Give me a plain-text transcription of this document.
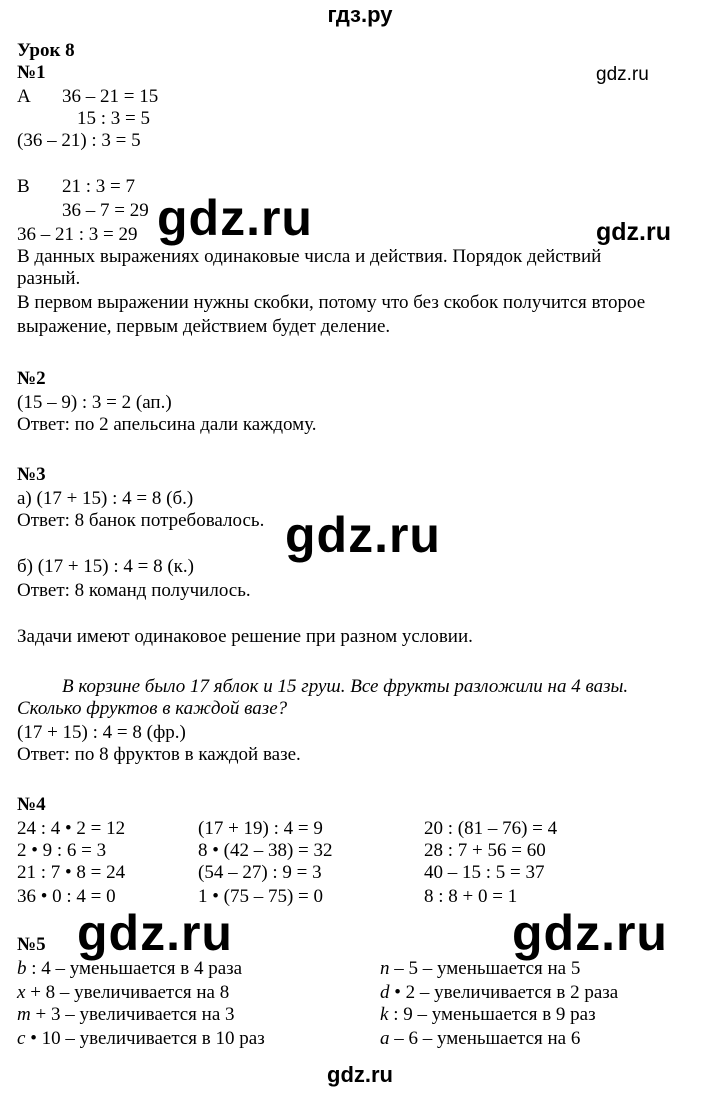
гдз.ру
gdz.ru
gdz.ru	gdz.ru
gdz.ru
gdz.ru	gdz.ru
gdz.ru
Урок 8
№1
А 36 – 21 = 15
15 : 3 = 5
(36 – 21) : 3 = 5
В 21 : 3 = 7
36 – 7 = 29
36 – 21 : 3 = 29
В данных выражениях одинаковые числа и действия. Порядок действий
разный.
В первом выражении нужны скобки, потому что без скобок получится второе
выражение, первым действием будет деление.
№2
(15 – 9) : 3 = 2 (ап.)
Ответ: по 2 апельсина дали каждому.
№3
а) (17 + 15) : 4 = 8 (б.)
Ответ: 8 банок потребовалось.
б) (17 + 15) : 4 = 8 (к.)
Ответ: 8 команд получилось.
Задачи имеют одинаковое решение при разном условии.
В корзине было 17 яблок и 15 груш. Все фрукты разложили на 4 вазы.
Сколько фруктов в каждой вазе?
(17 + 15) : 4 = 8 (фр.)
Ответ: по 8 фруктов в каждой вазе.
№4
24 : 4 • 2 = 12
2 • 9 : 6 = 3
21 : 7 • 8 = 24
36 • 0 : 4 = 0
(17 + 19) : 4 = 9
8 • (42 – 38) = 32
(54 – 27) : 9 = 3
1 • (75 – 75) = 0
20 : (81 – 76) = 4
28 : 7 + 56 = 60
40 – 15 : 5 = 37
8 : 8 + 0 = 1
№5
b : 4 – уменьшается в 4 раза
x + 8 – увеличивается на 8
m + 3 – увеличивается на 3
c • 10 – увеличивается в 10 раз
n – 5 – уменьшается на 5
d • 2 – увеличивается в 2 раза
k : 9 – уменьшается в 9 раз
a – 6 – уменьшается на 6
